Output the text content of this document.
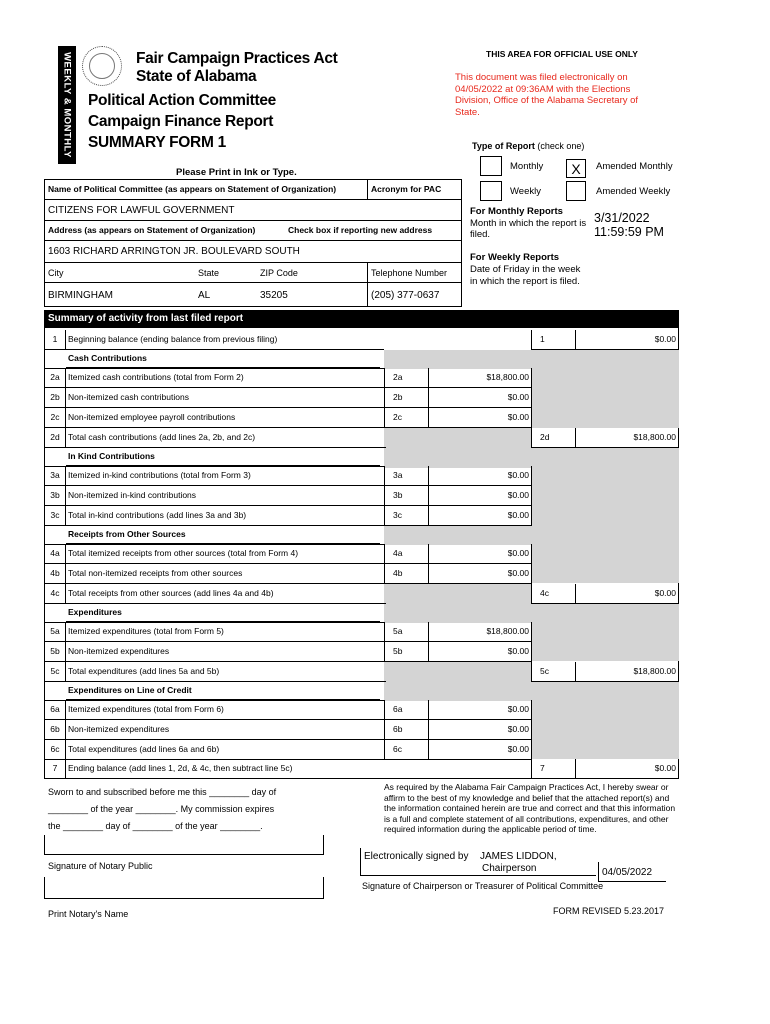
WEEKLY & MONTHLY	Fair Campaign Practices Act
State of Alabama
Political Action Committee
Campaign Finance Report
SUMMARY FORM 1
THIS AREA FOR OFFICIAL USE ONLY
This document was filed electronically on 04/05/2022 at 09:36AM with the Elections Division, Office of the Alabama Secretary of State.
Type of Report (check one)
Monthly	X	Amended Monthly
Weekly	Amended Weekly
For Monthly Reports
Month in which the report is filed.
3/31/2022
11:59:59 PM
For Weekly Reports
Date of Friday in the week in which the report is filed.
Please Print in Ink or Type.
Name of Political Committee (as appears on Statement of Organization)	Acronym for PAC
CITIZENS FOR LAWFUL GOVERNMENT
Address (as appears on Statement of Organization)	Check box if reporting new address
1603 RICHARD ARRINGTON JR. BOULEVARD SOUTH
City	State	ZIP Code	Telephone Number
BIRMINGHAM	AL	35205	(205) 377-0637
Summary of activity from last filed report
1	Beginning balance (ending balance from previous filing)	1	$0.00
Cash Contributions
2a Itemized cash contributions (total from Form 2)	2a	$18,800.00
2b Non-itemized cash contributions	2b	$0.00
2c	Non-itemized employee payroll contributions	2c	$0.00
2d Total cash contributions (add lines 2a, 2b, and 2c)	2d	$18,800.00
In Kind Contributions
3a Itemized in-kind contributions (total from Form 3)	3a	$0.00
3b Non-itemized in-kind contributions	3b	$0.00
3c	Total in-kind contributions (add lines 3a and 3b)	3c	$0.00
Receipts from Other Sources
4a Total itemized receipts from other sources (total from Form 4)	4a	$0.00
4b Total non-itemized receipts from other sources	4b	$0.00
4c	Total receipts from other sources (add lines 4a and 4b)	4c	$0.00
Expenditures
5a Itemized expenditures (total from Form 5)	5a	$18,800.00
5b Non-itemized expenditures	5b	$0.00
5c	Total expenditures (add lines 5a and 5b)	5c	$18,800.00
Expenditures on Line of Credit
6a Itemized expenditures (total from Form 6)	6a	$0.00
6b Non-itemized expenditures	6b	$0.00
6c	Total expenditures (add lines 6a and 6b)	6c	$0.00
7	Ending balance (add lines 1, 2d, & 4c, then subtract line 5c)	7	$0.00
Sworn to and subscribed before me this ________ day of
________ of the year ________. My commission expires
the ________ day of ________ of the year ________.
Signature of Notary Public
Print Notary's Name
As required by the Alabama Fair Campaign Practices Act, I hereby swear or affirm to the best of my knowledge and belief that the attached report(s) and the information contained herein are true and correct and that this information is a full and complete statement of all contributions, expenditures, and other required information during the applicable period of time.
Electronically signed by JAMES LIDDON,
Chairperson	04/05/2022
Signature of Chairperson or Treasurer of Political Committee
FORM REVISED 5.23.2017
